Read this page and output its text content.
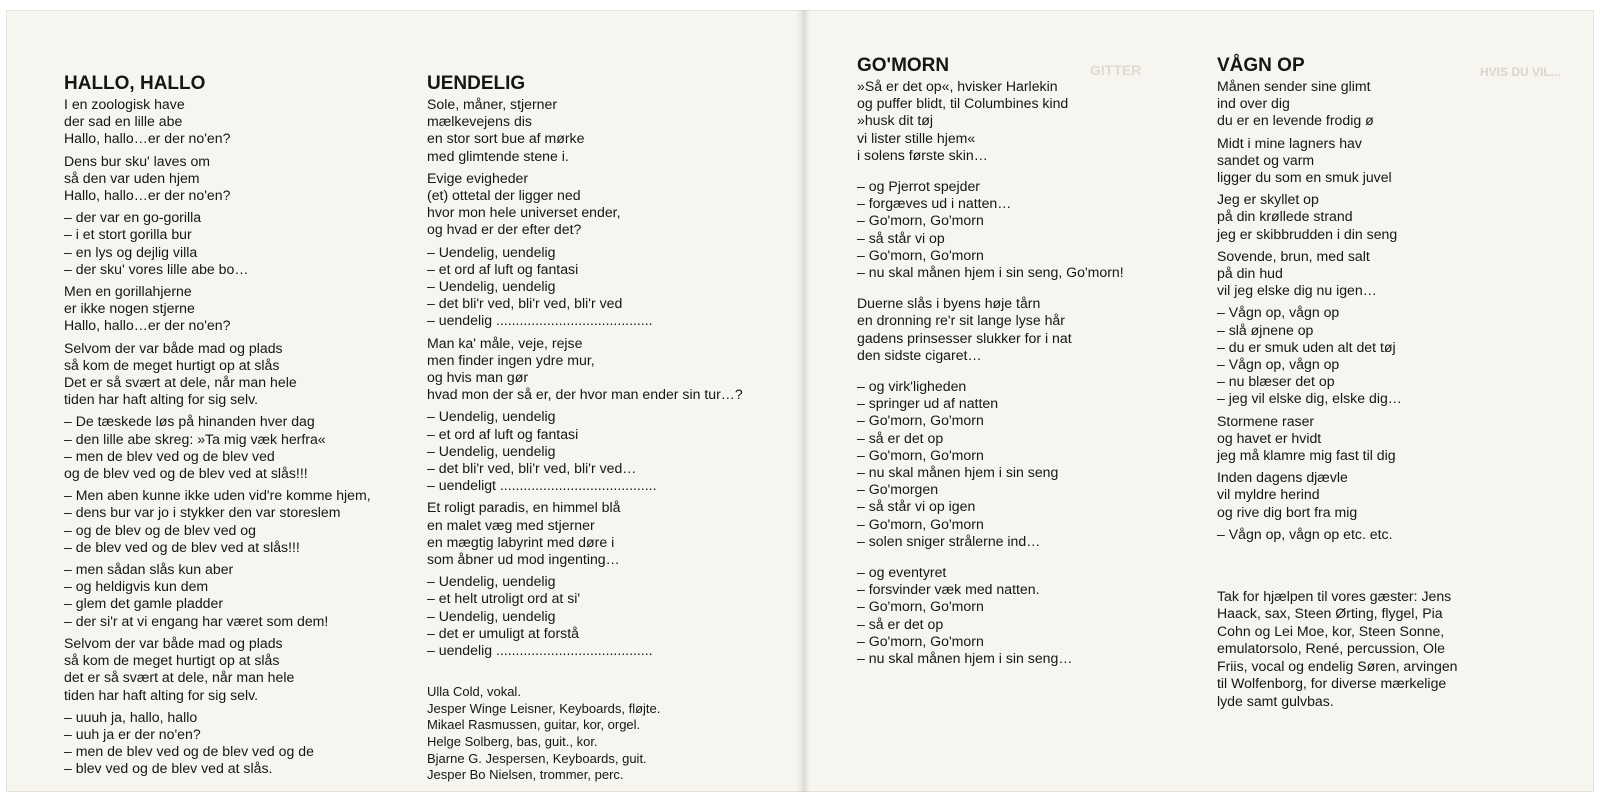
GITTER	HVIS DU VIL...
HALLO, HALLO
I en zoologisk have
der sad en lille abe
Hallo, hallo…er der no'en?
Dens bur sku' laves om
så den var uden hjem
Hallo, hallo…er der no'en?
– der var en go-gorilla
– i et stort gorilla bur
– en lys og dejlig villa
– der sku' vores lille abe bo…
Men en gorillahjerne
er ikke nogen stjerne
Hallo, hallo…er der no'en?
Selvom der var både mad og plads
så kom de meget hurtigt op at slås
Det er så svært at dele, når man hele
tiden har haft alting for sig selv.
– De tæskede løs på hinanden hver dag
– den lille abe skreg: »Ta mig væk herfra«
– men de blev ved og de blev ved
og de blev ved og de blev ved at slås!!!
– Men aben kunne ikke uden vid're komme hjem,
– dens bur var jo i stykker den var storeslem
– og de blev og de blev ved og
– de blev ved og de blev ved at slås!!!
– men sådan slås kun aber
– og heldigvis kun dem
– glem det gamle pladder
– der si'r at vi engang har været som dem!
Selvom der var både mad og plads
så kom de meget hurtigt op at slås
det er så svært at dele, når man hele
tiden har haft alting for sig selv.
– uuuh ja, hallo, hallo
– uuh ja er der no'en?
– men de blev ved og de blev ved og de
– blev ved og de blev ved at slås.
UENDELIG
Sole, måner, stjerner
mælkevejens dis
en stor sort bue af mørke
med glimtende stene i.
Evige evigheder
(et) ottetal der ligger ned
hvor mon hele universet ender,
og hvad er der efter det?
– Uendelig, uendelig
– et ord af luft og fantasi
– Uendelig, uendelig
– det bli'r ved, bli'r ved, bli'r ved
– uendelig ........................................
Man ka' måle, veje, rejse
men finder ingen ydre mur,
og hvis man gør
hvad mon der så er, der hvor man ender sin tur…?
– Uendelig, uendelig
– et ord af luft og fantasi
– Uendelig, uendelig
– det bli'r ved, bli'r ved, bli'r ved…
– uendeligt ........................................
Et roligt paradis, en himmel blå
en malet væg med stjerner
en mægtig labyrint med døre i
som åbner ud mod ingenting…
– Uendelig, uendelig
– et helt utroligt ord at si'
– Uendelig, uendelig
– det er umuligt at forstå
– uendelig ........................................
Ulla Cold, vokal.
Jesper Winge Leisner, Keyboards, fløjte.
Mikael Rasmussen, guitar, kor, orgel.
Helge Solberg, bas, guit., kor.
Bjarne G. Jespersen, Keyboards, guit.
Jesper Bo Nielsen, trommer, perc.
GO'MORN
»Så er det op«, hvisker Harlekin
og puffer blidt, til Columbines kind
»husk dit tøj
vi lister stille hjem«
i solens første skin…
– og Pjerrot spejder
– forgæves ud i natten…
– Go'morn, Go'morn
– så står vi op
– Go'morn, Go'morn
– nu skal månen hjem i sin seng, Go'morn!
Duerne slås i byens høje tårn
en dronning re'r sit lange lyse hår
gadens prinsesser slukker for i nat
den sidste cigaret…
– og virk'ligheden
– springer ud af natten
– Go'morn, Go'morn
– så er det op
– Go'morn, Go'morn
– nu skal månen hjem i sin seng
– Go'morgen
– så står vi op igen
– Go'morn, Go'morn
– solen sniger strålerne ind…
– og eventyret
– forsvinder væk med natten.
– Go'morn, Go'morn
– så er det op
– Go'morn, Go'morn
– nu skal månen hjem i sin seng…
VÅGN OP
Månen sender sine glimt
ind over dig
du er en levende frodig ø
Midt i mine lagners hav
sandet og varm
ligger du som en smuk juvel
Jeg er skyllet op
på din krøllede strand
jeg er skibbrudden i din seng
Sovende, brun, med salt
på din hud
vil jeg elske dig nu igen…
– Vågn op, vågn op
– slå øjnene op
– du er smuk uden alt det tøj
– Vågn op, vågn op
– nu blæser det op
– jeg vil elske dig, elske dig…
Stormene raser
og havet er hvidt
jeg må klamre mig fast til dig
Inden dagens djævle
vil myldre herind
og rive dig bort fra mig
– Vågn op, vågn op etc. etc.
Tak for hjælpen til vores gæster: Jens
Haack, sax, Steen Ørting, flygel, Pia
Cohn og Lei Moe, kor, Steen Sonne,
emulatorsolo, René, percussion, Ole
Friis, vocal og endelig Søren, arvingen
til Wolfenborg, for diverse mærkelige
lyde samt gulvbas.
